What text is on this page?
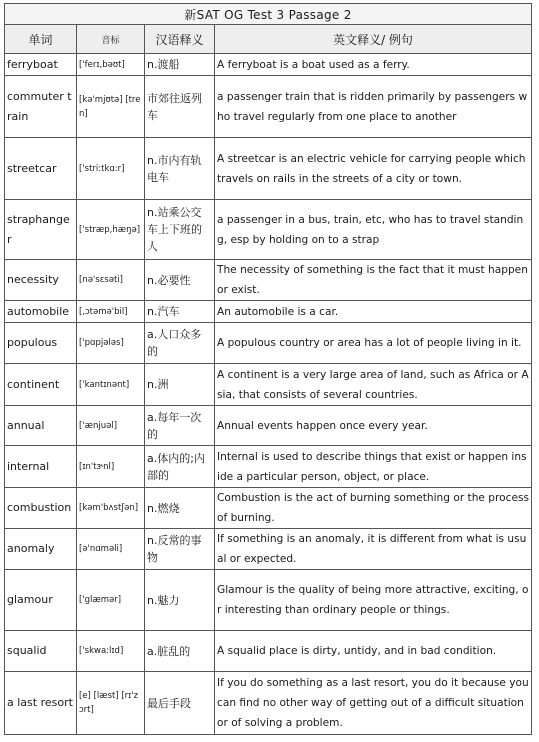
新SAT OG Test 3 Passage 2			
单词	音标	汉语释义	英文释义/ 例句
ferryboat	['ferɪ,bəʊt]	n.渡船	A ferryboat is a boat used as a ferry.
commuter train	[kə'mjʊtə] [tren]	市郊往返列车	a passenger train that is ridden primarily by passengers who travel regularly from one place to another
streetcar	['stri:tkɑ:r]	n.市内有轨电车	A streetcar is an electric vehicle for carrying people which travels on rails in the streets of a city or town.
straphanger	['stræp,hæŋə]	n.站乘公交车上下班的人	a passenger in a bus, train, etc, who has to travel standing, esp by holding on to a strap
necessity	[nə'sɛsəti]	n.必要性	The necessity of something is the fact that it must happen or exist.
automobile	[,ɔtəmə'bil]	n.汽车	An automobile is a car.
populous	['pɑpjələs]	a.人口众多的	A populous country or area has a lot of people living in it.
continent	['kantɪnənt]	n.洲	A continent is a very large area of land, such as Africa or Asia, that consists of several countries.
annual	['ænjuəl]	a.每年一次的	Annual events happen once every year.
internal	[ɪn'tɝnl]	a.体内的;内部的	Internal is used to describe things that exist or happen inside a particular person, object, or place.
combustion	[kəm'bʌstʃən]	n.燃烧	Combustion is the act of burning something or the process of burning.
anomaly	[ə'nɑməli]	n.反常的事物	If something is an anomaly, it is different from what is usual or expected.
glamour	['glæmər]	n.魅力	Glamour is the quality of being more attractive, exciting, or interesting than ordinary people or things.
squalid	['skwa:lɪd]	a.脏乱的	A squalid place is dirty, untidy, and in bad condition.
a last resort	[e] [læst] [rɪ'zɔrt]	最后手段	If you do something as a last resort, you do it because you can find no other way of getting out of a difficult situation or of solving a problem.
